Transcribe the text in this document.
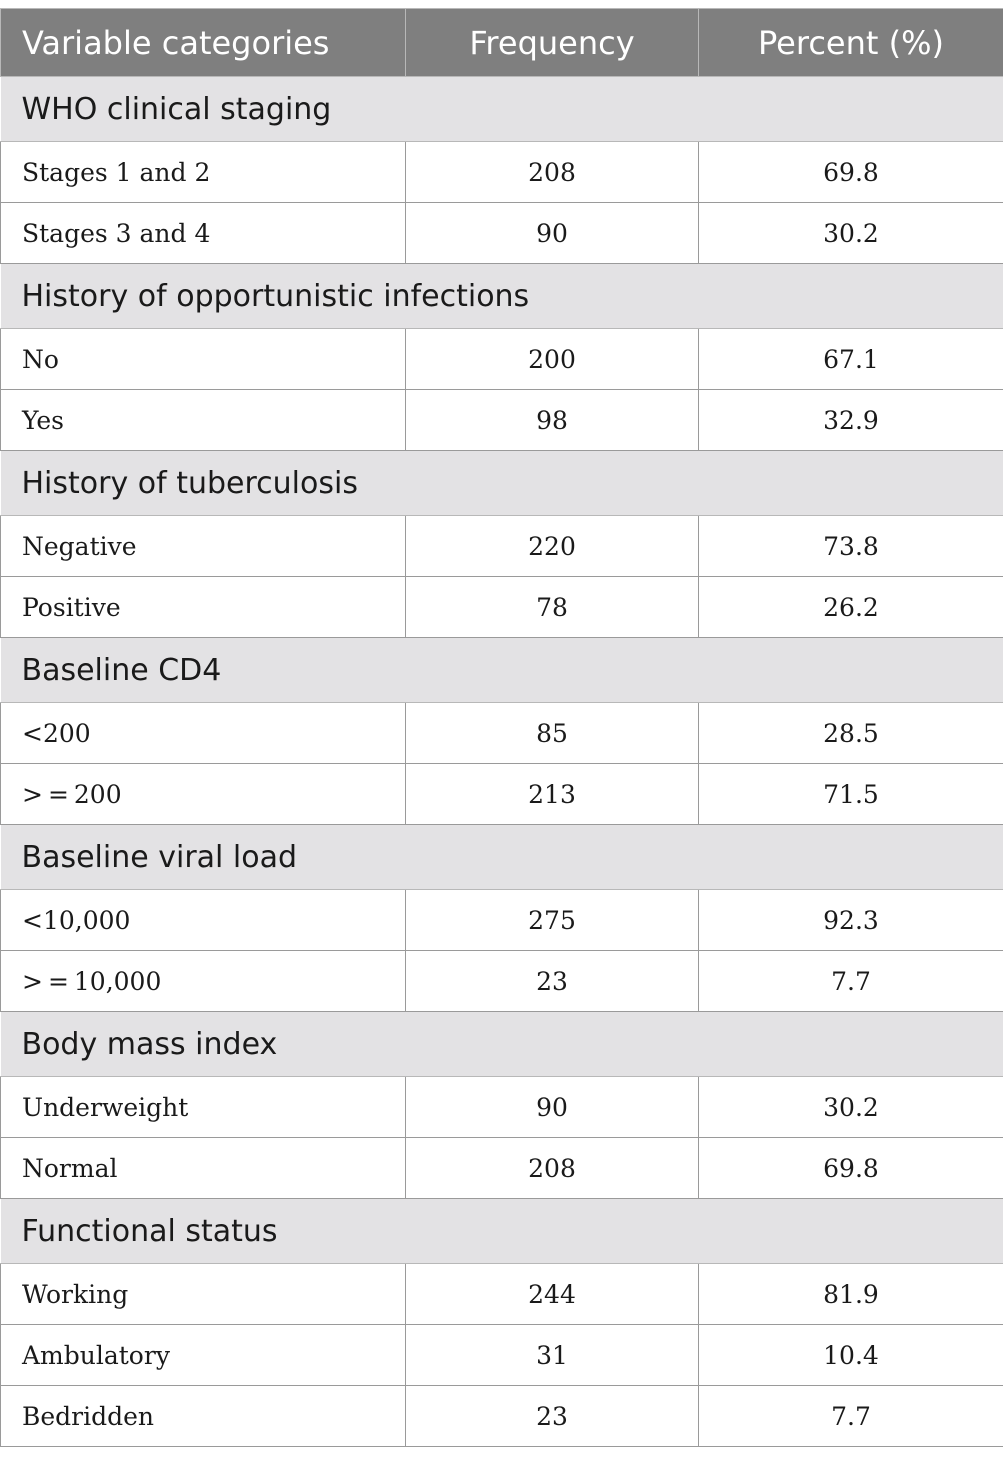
Variable categories	Frequency	Percent (%)
WHO clinical staging		
Stages 1 and 2	208	69.8
Stages 3 and 4	90	30.2
History of opportunistic infections		
No	200	67.1
Yes	98	32.9
History of tuberculosis		
Negative	220	73.8
Positive	78	26.2
Baseline CD4		
<200	85	28.5
> = 200	213	71.5
Baseline viral load		
<10,000	275	92.3
> = 10,000	23	7.7
Body mass index		
Underweight	90	30.2
Normal	208	69.8
Functional status		
Working	244	81.9
Ambulatory	31	10.4
Bedridden	23	7.7
